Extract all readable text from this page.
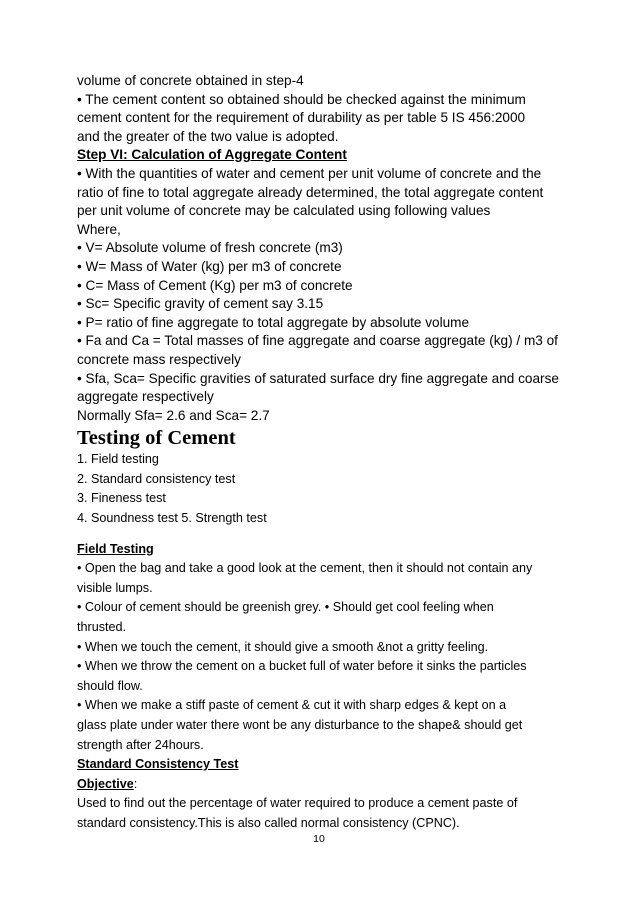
volume of concrete obtained in step-4
• The cement content so obtained should be checked against the minimum
cement content for the requirement of durability as per table 5 IS 456:2000
and the greater of the two value is adopted.
Step VI: Calculation of Aggregate Content
• With the quantities of water and cement per unit volume of concrete and the
ratio of fine to total aggregate already determined, the total aggregate content
per unit volume of concrete may be calculated using following values
Where,
• V= Absolute volume of fresh concrete (m3)
• W= Mass of Water (kg) per m3 of concrete
• C= Mass of Cement (Kg) per m3 of concrete
• Sc= Specific gravity of cement say 3.15
• P= ratio of fine aggregate to total aggregate by absolute volume
• Fa and Ca = Total masses of fine aggregate and coarse aggregate (kg) / m3 of
concrete mass respectively
• Sfa, Sca= Specific gravities of saturated surface dry fine aggregate and coarse
aggregate respectively
Normally Sfa= 2.6 and Sca= 2.7
Testing of Cement
1. Field testing
2. Standard consistency test
3. Fineness test
4. Soundness test 5. Strength test
Field Testing
• Open the bag and take a good look at the cement, then it should not contain any
visible lumps.
• Colour of cement should be greenish grey. • Should get cool feeling when
thrusted.
• When we touch the cement, it should give a smooth &not a gritty feeling.
• When we throw the cement on a bucket full of water before it sinks the particles
should flow.
• When we make a stiff paste of cement & cut it with sharp edges & kept on a
glass plate under water there wont be any disturbance to the shape& should get
strength after 24hours.
Standard Consistency Test
Objective:
Used to find out the percentage of water required to produce a cement paste of
standard consistency.This is also called normal consistency (CPNC).
10
